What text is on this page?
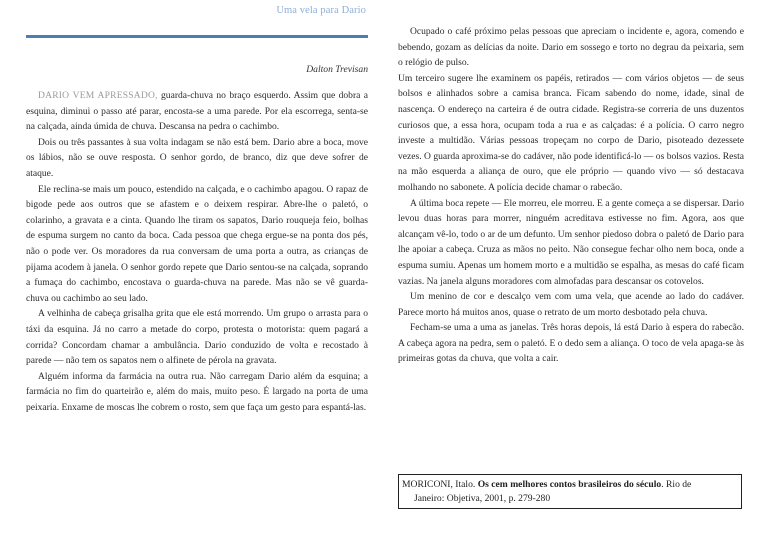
Uma vela para Dario
Dalton Trevisan

DARIO VEM APRESSADO, guarda-chuva no braço esquerdo. Assim que dobra a esquina, diminui o passo até parar, encosta-se a uma parede. Por ela escorrega, senta-se na calçada, ainda úmida de chuva. Descansa na pedra o cachimbo.

Dois ou três passantes à sua volta indagam se não está bem. Dario abre a boca, move os lábios, não se ouve resposta. O senhor gordo, de branco, diz que deve sofrer de ataque.

Ele reclina-se mais um pouco, estendido na calçada, e o cachimbo apagou. O rapaz de bigode pede aos outros que se afastem e o deixem respirar. Abre-lhe o paletó, o colarinho, a gravata e a cinta. Quando lhe tiram os sapatos, Dario rouqueja feio, bolhas de espuma surgem no canto da boca. Cada pessoa que chega ergue-se na ponta dos pés, não o pode ver. Os moradores da rua conversam de uma porta a outra, as crianças de pijama acodem à janela. O senhor gordo repete que Dario sentou-se na calçada, soprando a fumaça do cachimbo, encostava o guarda-chuva na parede. Mas não se vê guarda-chuva ou cachimbo ao seu lado.

A velhinha de cabeça grisalha grita que ele está morrendo. Um grupo o arrasta para o táxi da esquina. Já no carro a metade do corpo, protesta o motorista: quem pagará a corrida? Concordam chamar a ambulância. Dario conduzido de volta e recostado à parede — não tem os sapatos nem o alfinete de pérola na gravata.

Alguém informa da farmácia na outra rua. Não carregam Dario além da esquina; a farmácia no fim do quarteirão e, além do mais, muito peso. É largado na porta de uma peixaria. Enxame de moscas lhe cobrem o rosto, sem que faça um gesto para espantá-las.

Ocupado o café próximo pelas pessoas que apreciam o incidente e, agora, comendo e bebendo, gozam as delícias da noite. Dario em sossego e torto no degrau da peixaria, sem o relógio de pulso.

Um terceiro sugere lhe examinem os papéis, retirados — com vários objetos — de seus bolsos e alinhados sobre a camisa branca. Ficam sabendo do nome, idade, sinal de nascença. O endereço na carteira é de outra cidade. Registra-se correria de uns duzentos curiosos que, a essa hora, ocupam toda a rua e as calçadas: é a polícia. O carro negro investe a multidão. Várias pessoas tropeçam no corpo de Dario, pisoteado dezessete vezes. O guarda aproxima-se do cadáver, não pode identificá-lo — os bolsos vazios. Resta na mão esquerda a aliança de ouro, que ele próprio — quando vivo — só destacava molhando no sabonete. A polícia decide chamar o rabecão.

A última boca repete — Ele morreu, ele morreu. E a gente começa a se dispersar. Dario levou duas horas para morrer, ninguém acreditava estivesse no fim. Agora, aos que alcançam vê-lo, todo o ar de um defunto. Um senhor piedoso dobra o paletó de Dario para lhe apoiar a cabeça. Cruza as mãos no peito. Não consegue fechar olho nem boca, onde a espuma sumiu. Apenas um homem morto e a multidão se espalha, as mesas do café ficam vazias. Na janela alguns moradores com almofadas para descansar os cotovelos.

Um menino de cor e descalço vem com uma vela, que acende ao lado do cadáver. Parece morto há muitos anos, quase o retrato de um morto desbotado pela chuva.

Fecham-se uma a uma as janelas. Três horas depois, lá está Dario à espera do rabecão. A cabeça agora na pedra, sem o paletó. E o dedo sem a aliança. O toco de vela apaga-se às primeiras gotas da chuva, que volta a cair.

MORICONI, Italo. Os cem melhores contos brasileiros do século. Rio de
Janeiro: Objetiva, 2001, p. 279-280
